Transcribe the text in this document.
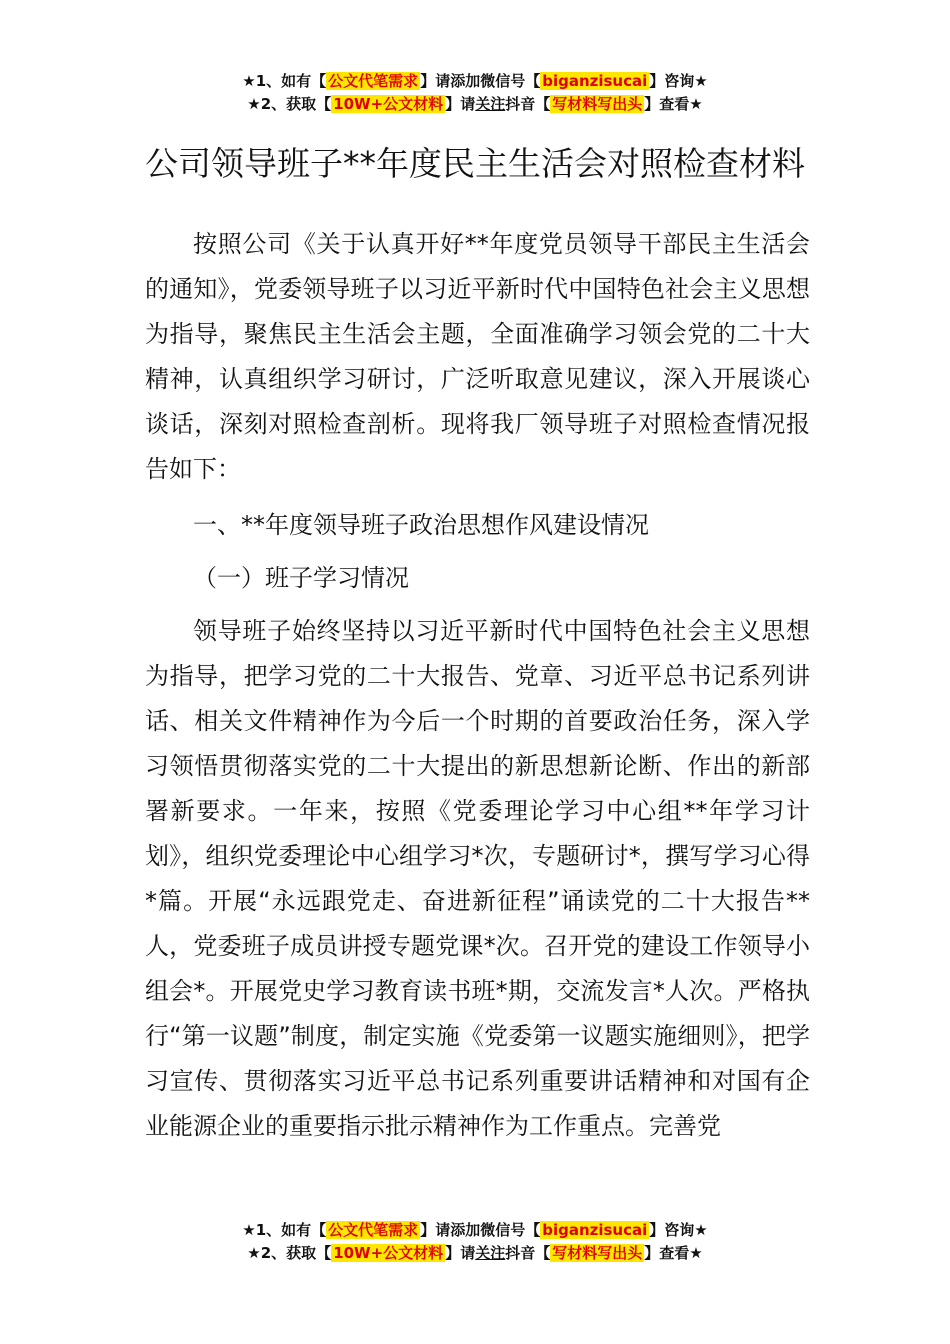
★1、如有【 公文代笔需求 】请添加微信号【 biganzisucai 】咨询★
★2、获取【 10W+公文材料 】请关注抖音【 写材料写出头 】查看★
公司领导班子**年度民主生活会对照检查材料

按照公司《关于认真开好**年度党员领导干部民主生活会的通知》，党委领导班子以习近平新时代中国特色社会主义思想为指导，聚焦民主生活会主题，全面准确学习领会党的二十大精神，认真组织学习研讨，广泛听取意见建议，深入开展谈心谈话，深刻对照检查剖析。现将我厂领导班子对照检查情况报告如下：

一、**年度领导班子政治思想作风建设情况

（一）班子学习情况

领导班子始终坚持以习近平新时代中国特色社会主义思想为指导，把学习党的二十大报告、党章、习近平总书记系列讲话、相关文件精神作为今后一个时期的首要政治任务，深入学习领悟贯彻落实党的二十大提出的新思想新论断、作出的新部署新要求。一年来，按照《党委理论学习中心组**年学习计划》，组织党委理论中心组学习*次，专题研讨*，撰写学习心得*篇。开展“永远跟党走、奋进新征程”诵读党的二十大报告**人，党委班子成员讲授专题党课*次。召开党的建设工作领导小组会*。开展党史学习教育读书班*期，交流发言*人次。严格执行“第一议题”制度，制定实施《党委第一议题实施细则》，把学习宣传、贯彻落实习近平总书记系列重要讲话精神和对国有企业能源企业的重要指示批示精神作为工作重点。完善党

★1、如有【 公文代笔需求 】请添加微信号【 biganzisucai 】咨询★
★2、获取【 10W+公文材料 】请关注抖音【 写材料写出头 】查看★
